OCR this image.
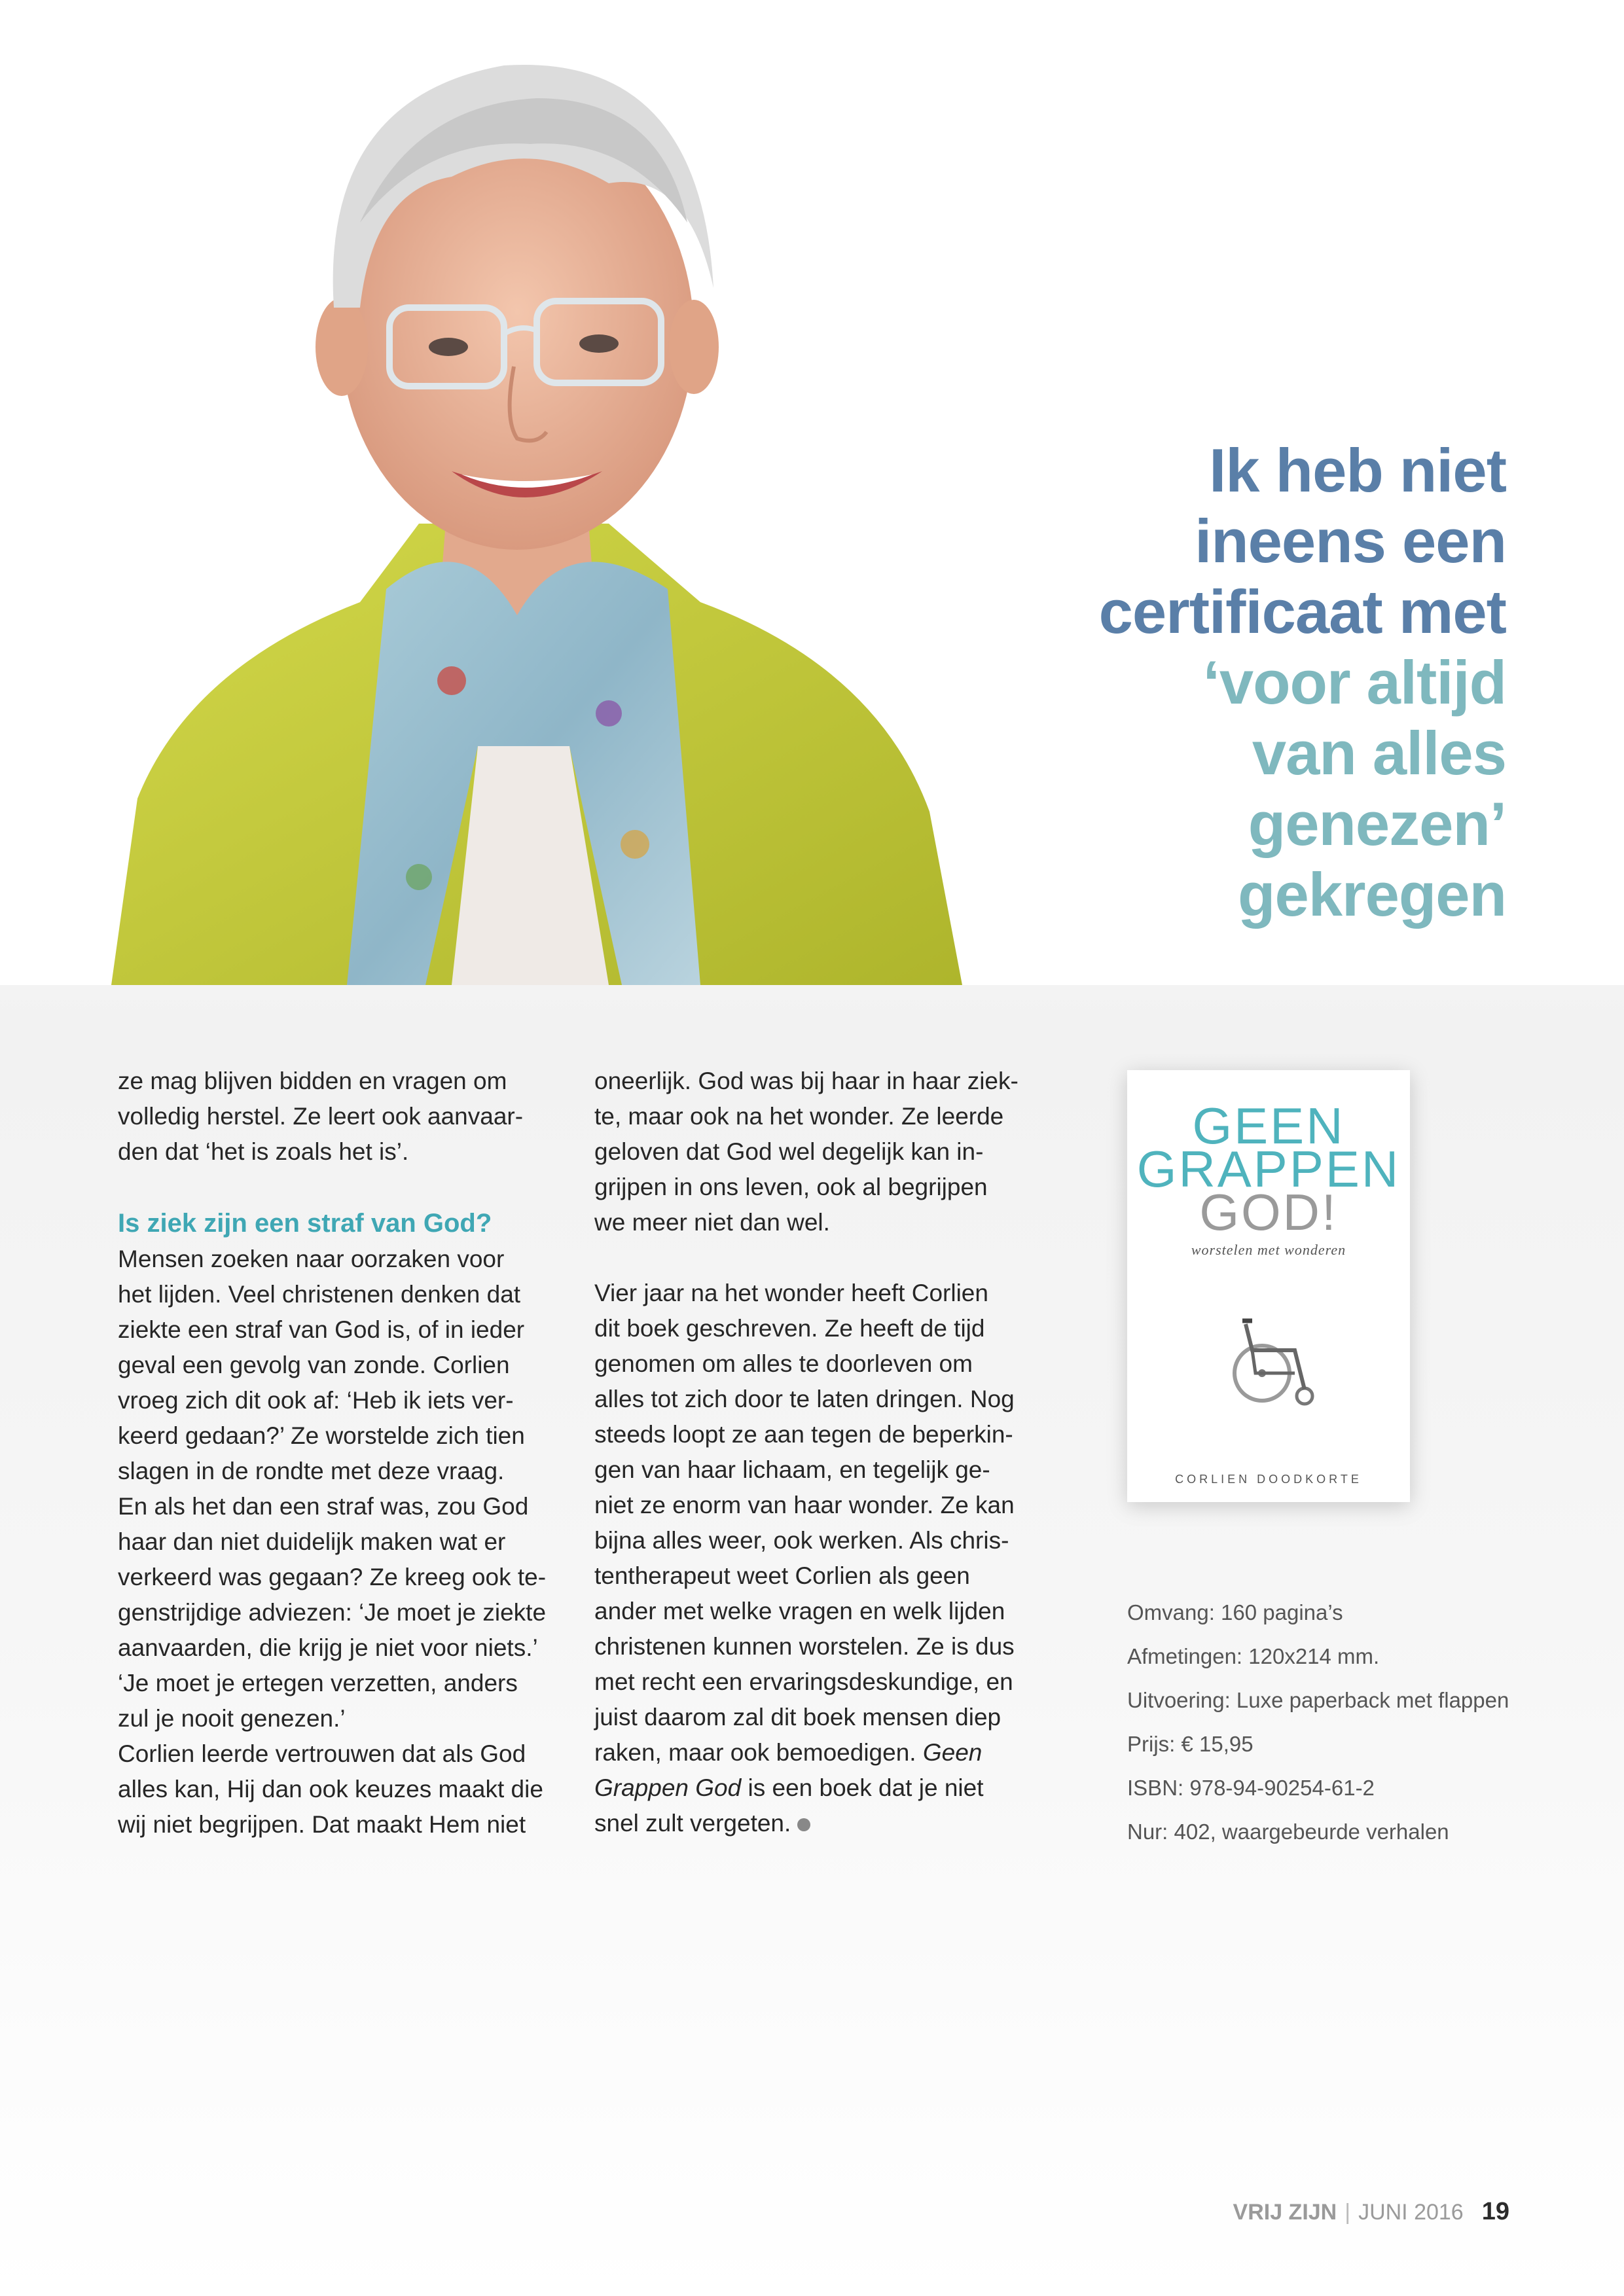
Ik heb niet
ineens een
certificaat met
‘voor altijd
van alles
genezen’
gekregen

ze mag blijven bidden en vragen om
volledig herstel. Ze leert ook aanvaar-
den dat ‘het is zoals het is’.

Is ziek zijn een straf van God?

Mensen zoeken naar oorzaken voor
het lijden. Veel christenen denken dat
ziekte een straf van God is, of in ieder
geval een gevolg van zonde. Corlien
vroeg zich dit ook af: ‘Heb ik iets ver-
keerd gedaan?’ Ze worstelde zich tien
slagen in de rondte met deze vraag.
En als het dan een straf was, zou God
haar dan niet duidelijk maken wat er
verkeerd was gegaan? Ze kreeg ook te-
genstrijdige adviezen: ‘Je moet je ziekte
aanvaarden, die krijg je niet voor niets.’
‘Je moet je ertegen verzetten, anders
zul je nooit genezen.’
Corlien leerde vertrouwen dat als God
alles kan, Hij dan ook keuzes maakt die
wij niet begrijpen. Dat maakt Hem niet

oneerlijk. God was bij haar in haar ziek-
te, maar ook na het wonder. Ze leerde
geloven dat God wel degelijk kan in-
grijpen in ons leven, ook al begrijpen
we meer niet dan wel.

Vier jaar na het wonder heeft Corlien
dit boek geschreven. Ze heeft de tijd
genomen om alles te doorleven om
alles tot zich door te laten dringen. Nog
steeds loopt ze aan tegen de beperkin-
gen van haar lichaam, en tegelijk ge-
niet ze enorm van haar wonder. Ze kan
bijna alles weer, ook werken. Als chris-
tentherapeut weet Corlien als geen
ander met welke vragen en welk lijden
christenen kunnen worstelen. Ze is dus
met recht een ervaringsdeskundige, en
juist daarom zal dit boek mensen diep
raken, maar ook bemoedigen. Geen
Grappen God is een boek dat je niet
snel zult vergeten.

GEEN
GRAPPEN
GOD!
worstelen met wonderen
CORLIEN DOODKORTE
Omvang: 160 pagina’s
Afmetingen: 120x214 mm.
Uitvoering: Luxe paperback met flappen
Prijs: € 15,95
ISBN: 978-94-90254-61-2
Nur: 402, waargebeurde verhalen
VRIJ ZIJN | JUNI 2016 19
